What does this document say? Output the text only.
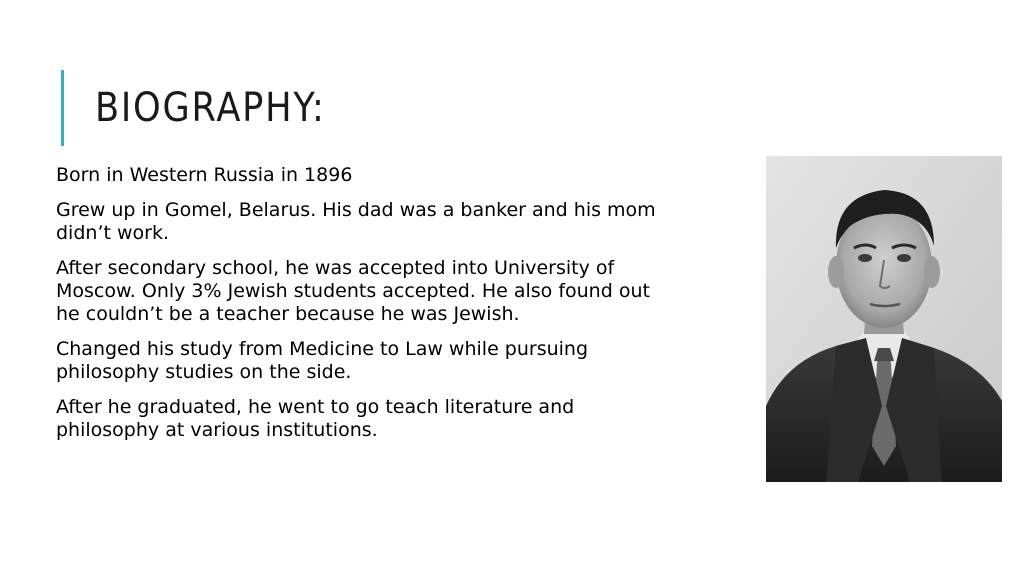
BIOGRAPHY:

Born in Western Russia in 1896

Grew up in Gomel, Belarus. His dad was a banker and his mom
didn’t work.

After secondary school, he was accepted into University of
Moscow. Only 3% Jewish students accepted. He also found out
he couldn’t be a teacher because he was Jewish.

Changed his study from Medicine to Law while pursuing
philosophy studies on the side.

After he graduated, he went to go teach literature and
philosophy at various institutions.
